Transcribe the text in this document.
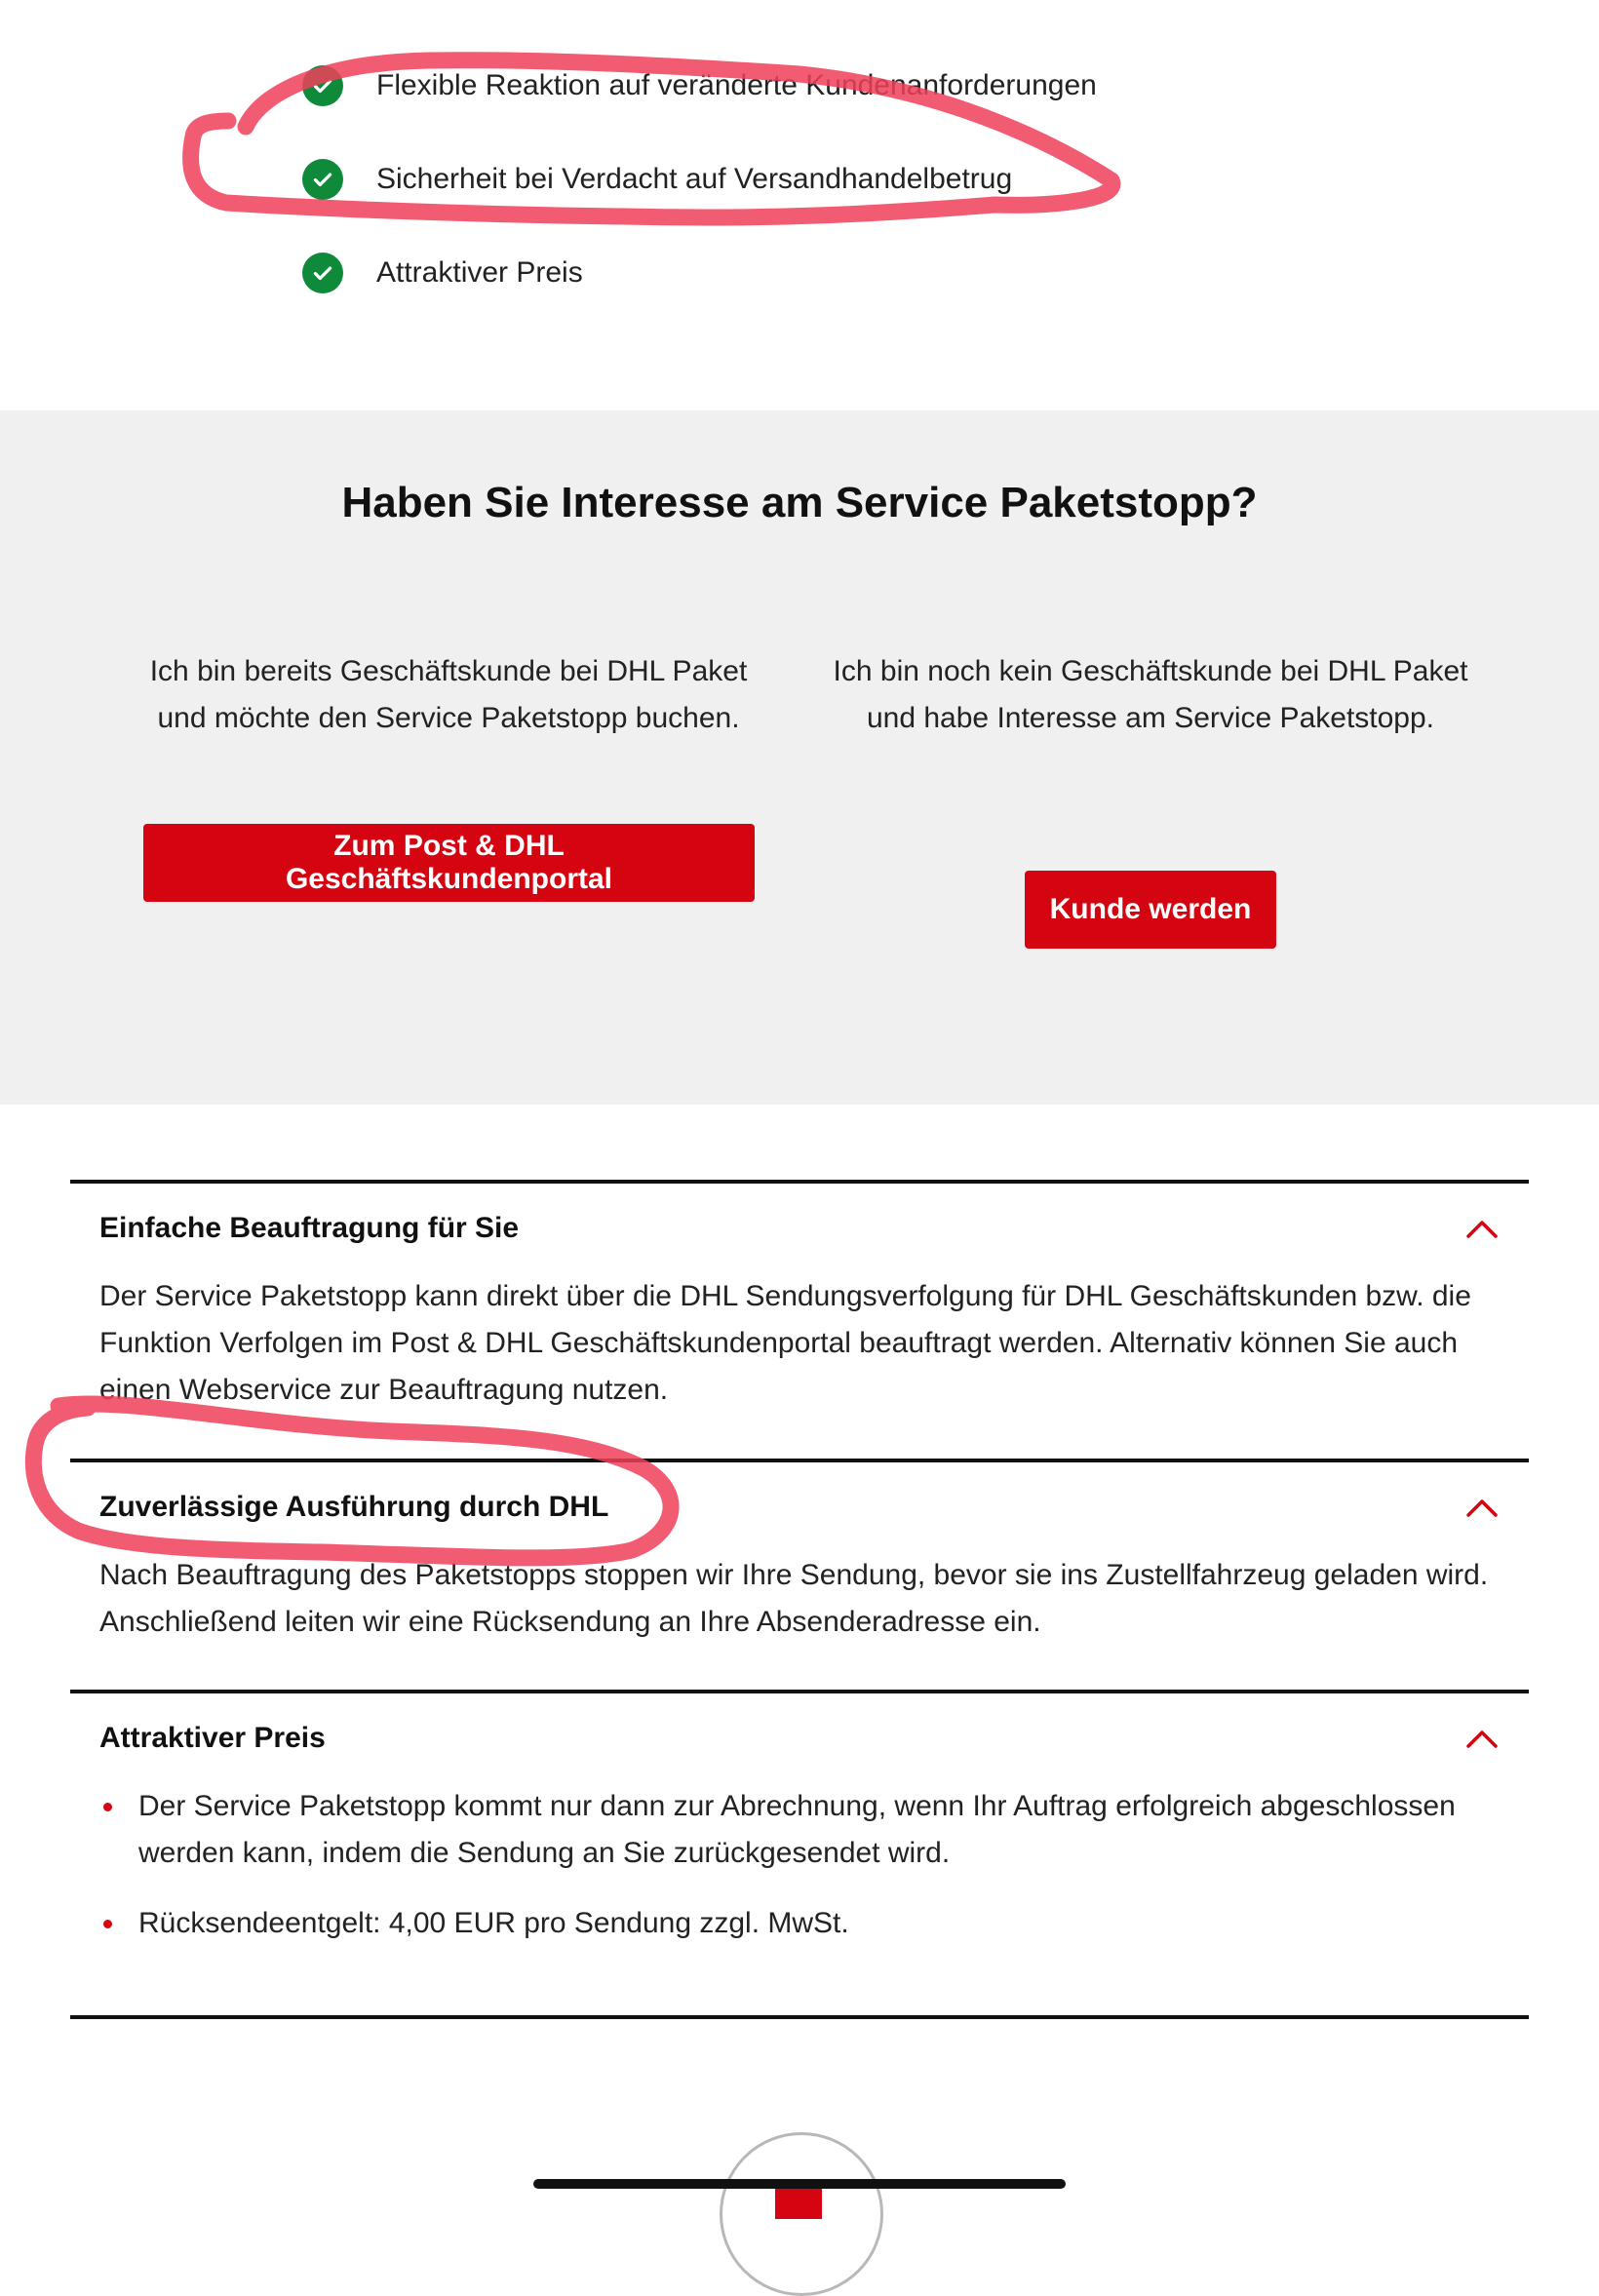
Flexible Reaktion auf veränderte Kundenanforderungen
Sicherheit bei Verdacht auf Versandhandelbetrug
Attraktiver Preis
Haben Sie Interesse am Service Paketstopp?
Ich bin bereits Geschäftskunde bei DHL Paket und möchte den Service Paketstopp buchen.
Ich bin noch kein Geschäftskunde bei DHL Paket und habe Interesse am Service Paketstopp.
Zum Post & DHL Geschäftskundenportal
Kunde werden
Einfache Beauftragung für Sie
Der Service Paketstopp kann direkt über die DHL Sendungsverfolgung für DHL Geschäftskunden bzw. die Funktion Verfolgen im Post & DHL Geschäftskundenportal beauftragt werden. Alternativ können Sie auch einen Webservice zur Beauftragung nutzen.
Zuverlässige Ausführung durch DHL
Nach Beauftragung des Paketstopps stoppen wir Ihre Sendung, bevor sie ins Zustellfahrzeug geladen wird. Anschließend leiten wir eine Rücksendung an Ihre Absenderadresse ein.
Attraktiver Preis
Der Service Paketstopp kommt nur dann zur Abrechnung, wenn Ihr Auftrag erfolgreich abgeschlossen werden kann, indem die Sendung an Sie zurückgesendet wird.
Rücksendeentgelt: 4,00 EUR pro Sendung zzgl. MwSt.
